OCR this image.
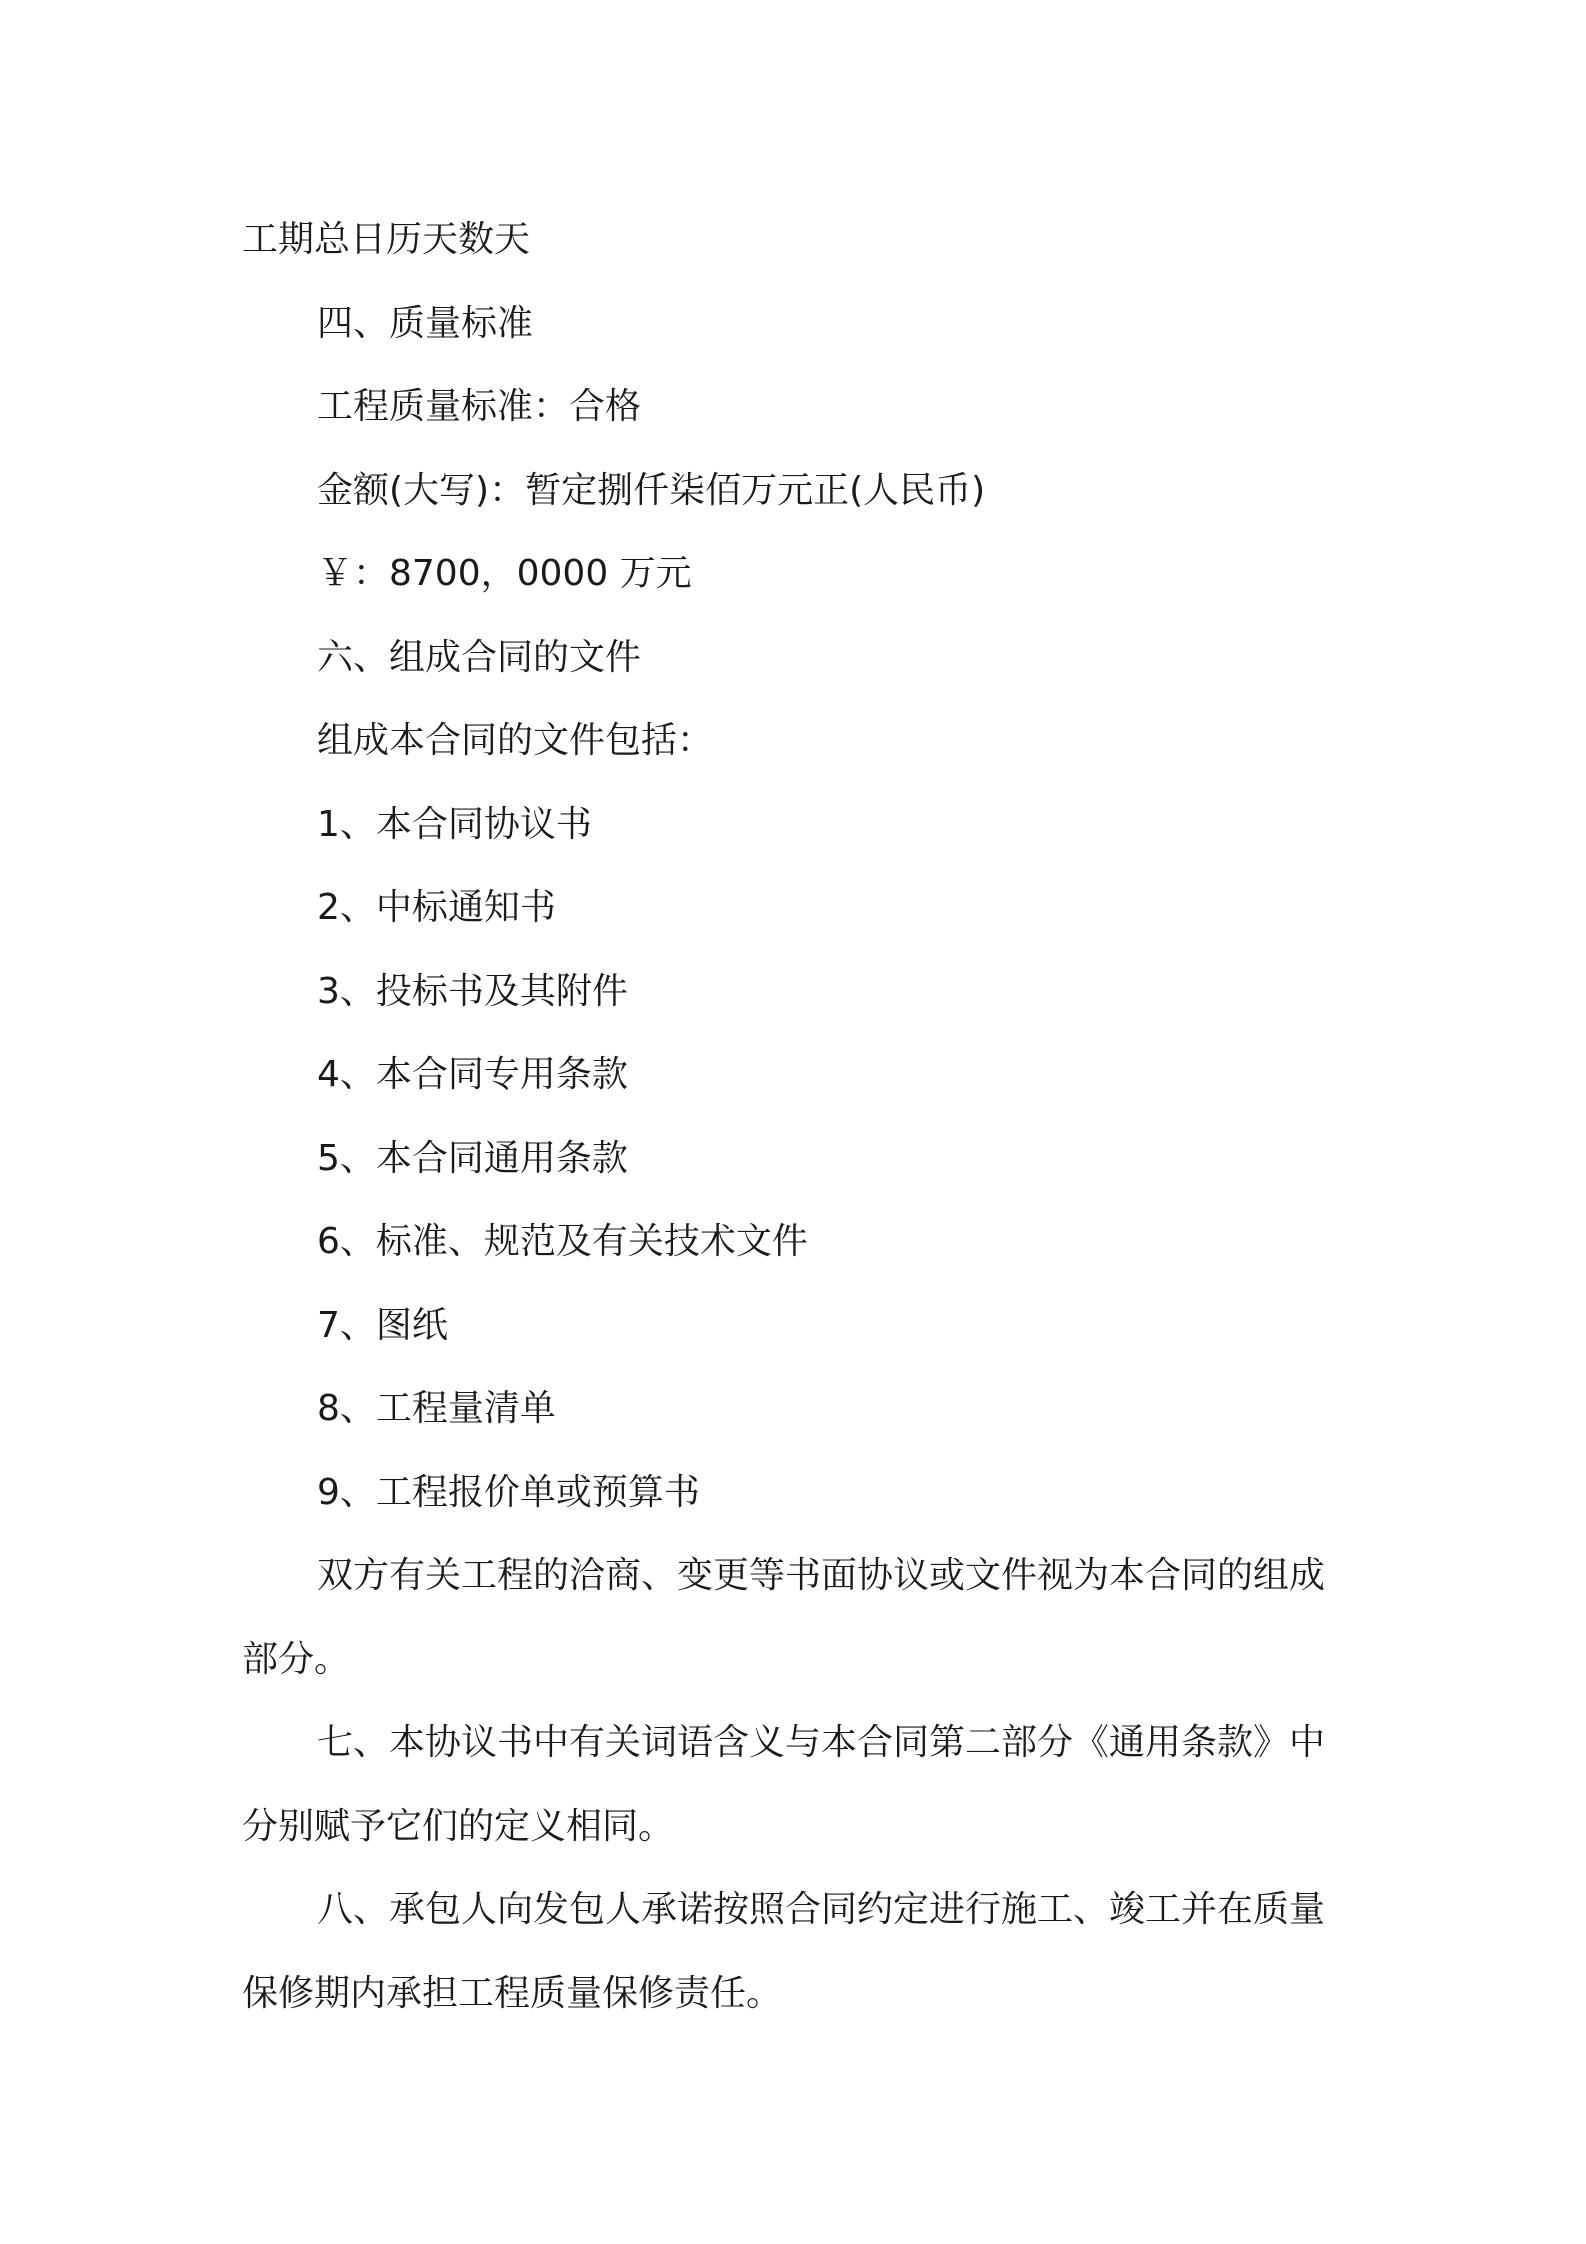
工期总日历天数天

四、质量标准

工程质量标准：合格

金额(大写)：暂定捌仟柒佰万元正(人民币)

￥：8700，0000 万元

六、组成合同的文件

组成本合同的文件包括：

1、本合同协议书

2、中标通知书

3、投标书及其附件

4、本合同专用条款

5、本合同通用条款

6、标准、规范及有关技术文件

7、图纸

8、工程量清单

9、工程报价单或预算书

双方有关工程的洽商、变更等书面协议或文件视为本合同的组成部分。

七、本协议书中有关词语含义与本合同第二部分《通用条款》中分别赋予它们的定义相同。

八、承包人向发包人承诺按照合同约定进行施工、竣工并在质量保修期内承担工程质量保修责任。
